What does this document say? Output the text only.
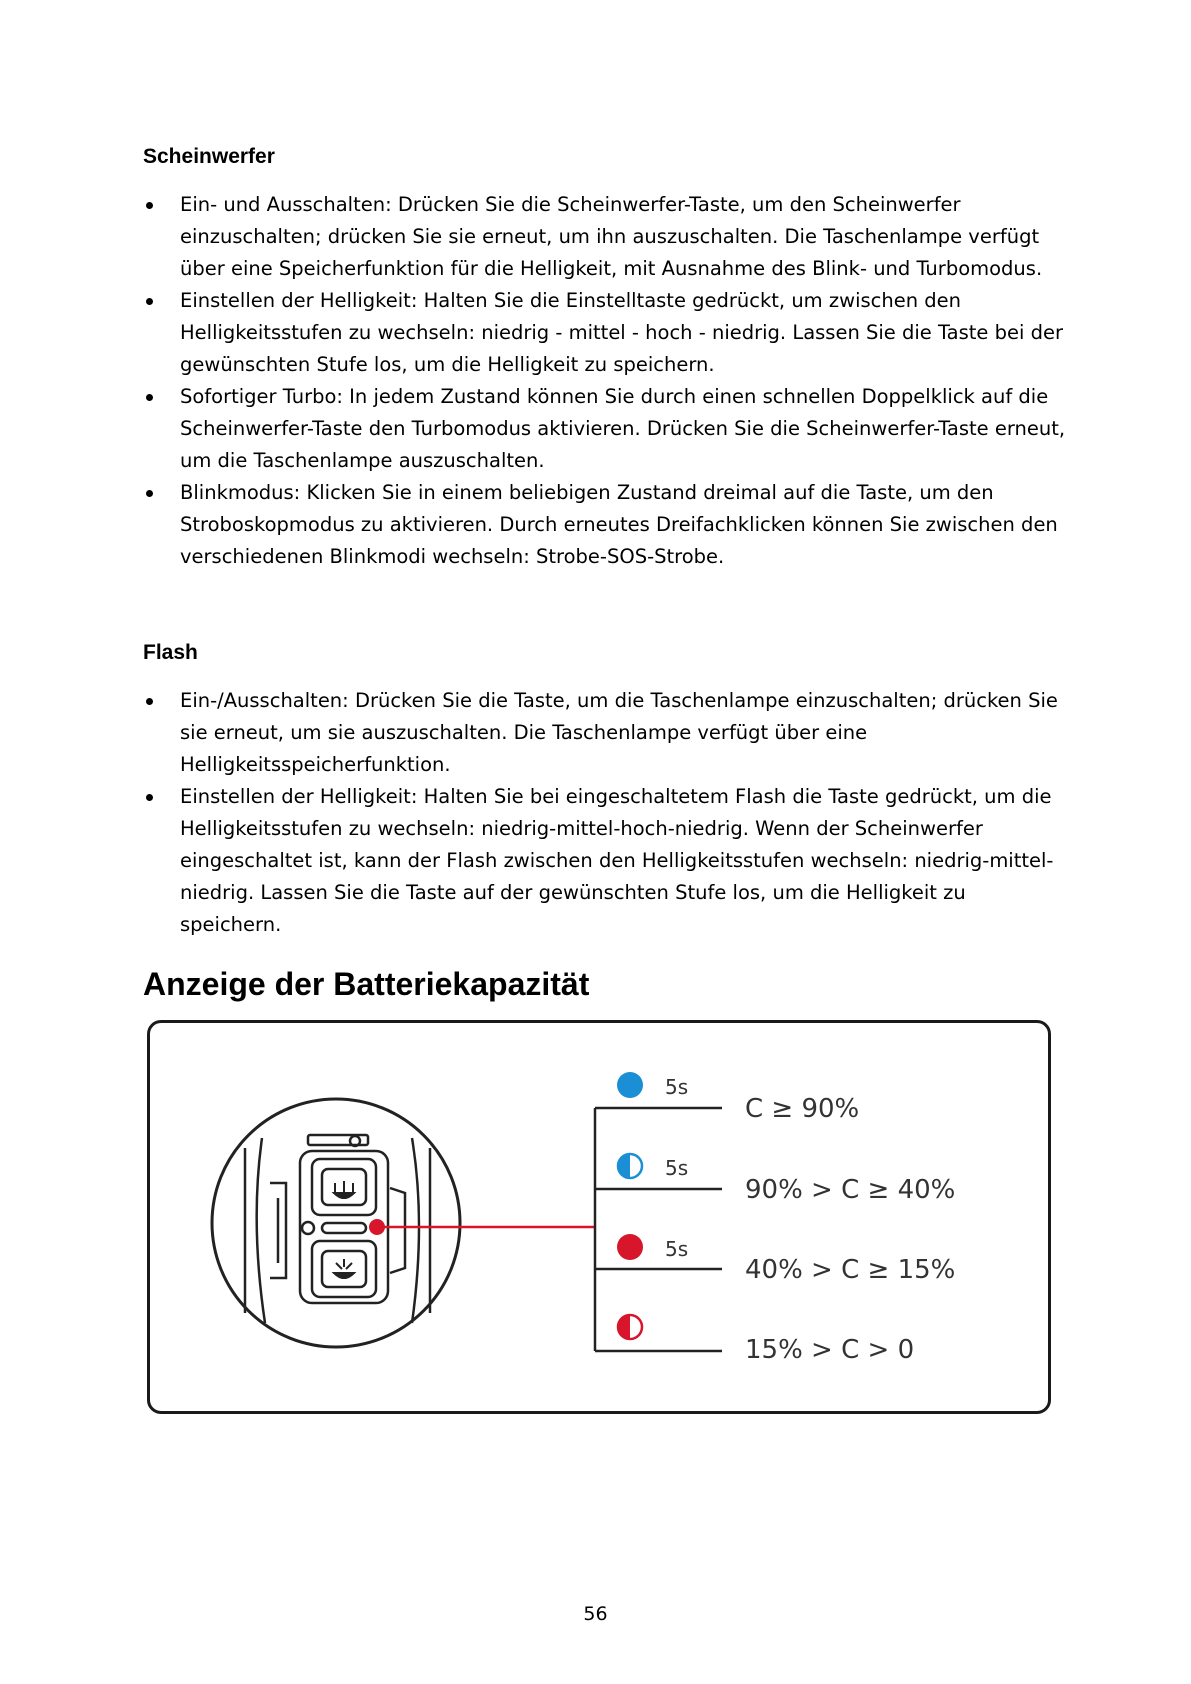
Scheinwerfer
Ein- und Ausschalten: Drücken Sie die Scheinwerfer-Taste, um den Scheinwerfer einzuschalten; drücken Sie sie erneut, um ihn auszuschalten. Die Taschenlampe verfügt über eine Speicherfunktion für die Helligkeit, mit Ausnahme des Blink- und Turbomodus.
Einstellen der Helligkeit: Halten Sie die Einstelltaste gedrückt, um zwischen den Helligkeitsstufen zu wechseln: niedrig - mittel - hoch - niedrig. Lassen Sie die Taste bei der gewünschten Stufe los, um die Helligkeit zu speichern.
Sofortiger Turbo: In jedem Zustand können Sie durch einen schnellen Doppelklick auf die Scheinwerfer-Taste den Turbomodus aktivieren. Drücken Sie die Scheinwerfer-Taste erneut, um die Taschenlampe auszuschalten.
Blinkmodus: Klicken Sie in einem beliebigen Zustand dreimal auf die Taste, um den Stroboskopmodus zu aktivieren. Durch erneutes Dreifachklicken können Sie zwischen den verschiedenen Blinkmodi wechseln: Strobe-SOS-Strobe.
Flash
Ein-/Ausschalten: Drücken Sie die Taste, um die Taschenlampe einzuschalten; drücken Sie sie erneut, um sie auszuschalten. Die Taschenlampe verfügt über eine Helligkeitsspeicherfunktion.
Einstellen der Helligkeit: Halten Sie bei eingeschaltetem Flash die Taste gedrückt, um die Helligkeitsstufen zu wechseln: niedrig-mittel-hoch-niedrig. Wenn der Scheinwerfer eingeschaltet ist, kann der Flash zwischen den Helligkeitsstufen wechseln: niedrig-mittel-niedrig. Lassen Sie die Taste auf der gewünschten Stufe los, um die Helligkeit zu speichern.
Anzeige der Batteriekapazität
5s
C ≥ 90%
5s
90% > C ≥ 40%
5s
40% > C ≥ 15%
15% > C > 0
56
